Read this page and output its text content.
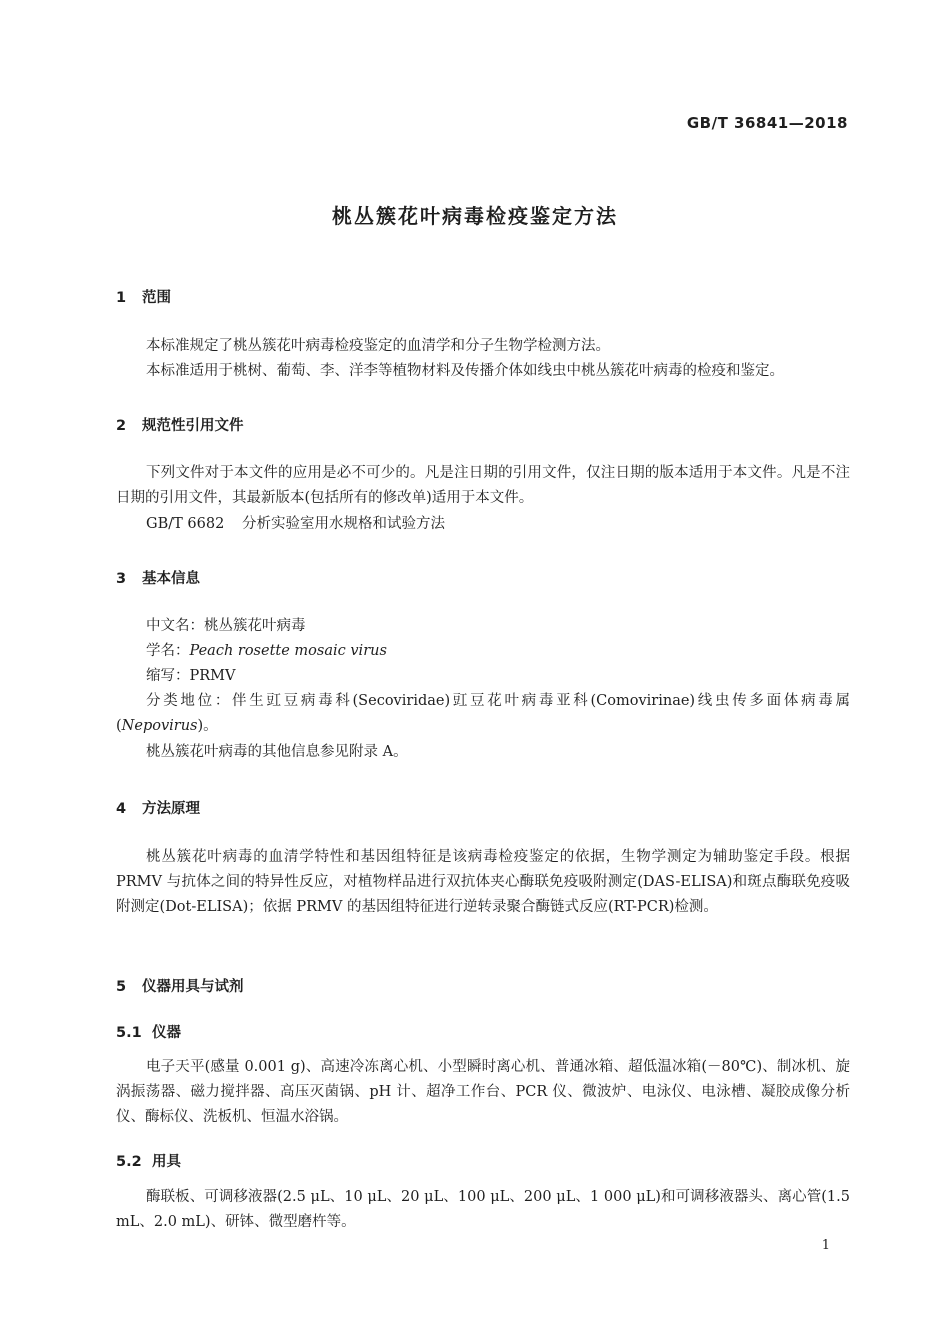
GB/T 36841—2018
桃丛簇花叶病毒检疫鉴定方法
1 范围

本标准规定了桃丛簇花叶病毒检疫鉴定的血清学和分子生物学检测方法。

本标准适用于桃树、葡萄、李、洋李等植物材料及传播介体如线虫中桃丛簇花叶病毒的检疫和鉴定。

2 规范性引用文件

下列文件对于本文件的应用是必不可少的。凡是注日期的引用文件，仅注日期的版本适用于本文件。凡是不注日期的引用文件，其最新版本(包括所有的修改单)适用于本文件。

GB/T 6682 分析实验室用水规格和试验方法
3 基本信息
中文名：桃丛簇花叶病毒
学名：Peach rosette mosaic virus
缩写：PRMV

分类地位：伴生豇豆病毒科(Secoviridae)豇豆花叶病毒亚科(Comovirinae)线虫传多面体病毒属(Nepovirus)。

桃丛簇花叶病毒的其他信息参见附录 A。
4 方法原理

桃丛簇花叶病毒的血清学特性和基因组特征是该病毒检疫鉴定的依据，生物学测定为辅助鉴定手段。根据 PRMV 与抗体之间的特异性反应，对植物样品进行双抗体夹心酶联免疫吸附测定(DAS-ELISA)和斑点酶联免疫吸附测定(Dot-ELISA)；依据 PRMV 的基因组特征进行逆转录聚合酶链式反应(RT-PCR)检测。

5 仪器用具与试剂
5.1 仪器

电子天平(感量 0.001 g)、高速冷冻离心机、小型瞬时离心机、普通冰箱、超低温冰箱(－80℃)、制冰机、旋涡振荡器、磁力搅拌器、高压灭菌锅、pH 计、超净工作台、PCR 仪、微波炉、电泳仪、电泳槽、凝胶成像分析仪、酶标仪、洗板机、恒温水浴锅。

5.2 用具

酶联板、可调移液器(2.5 μL、10 μL、20 μL、100 μL、200 μL、1 000 μL)和可调移液器头、离心管(1.5 mL、2.0 mL)、研钵、微型磨杵等。

1
